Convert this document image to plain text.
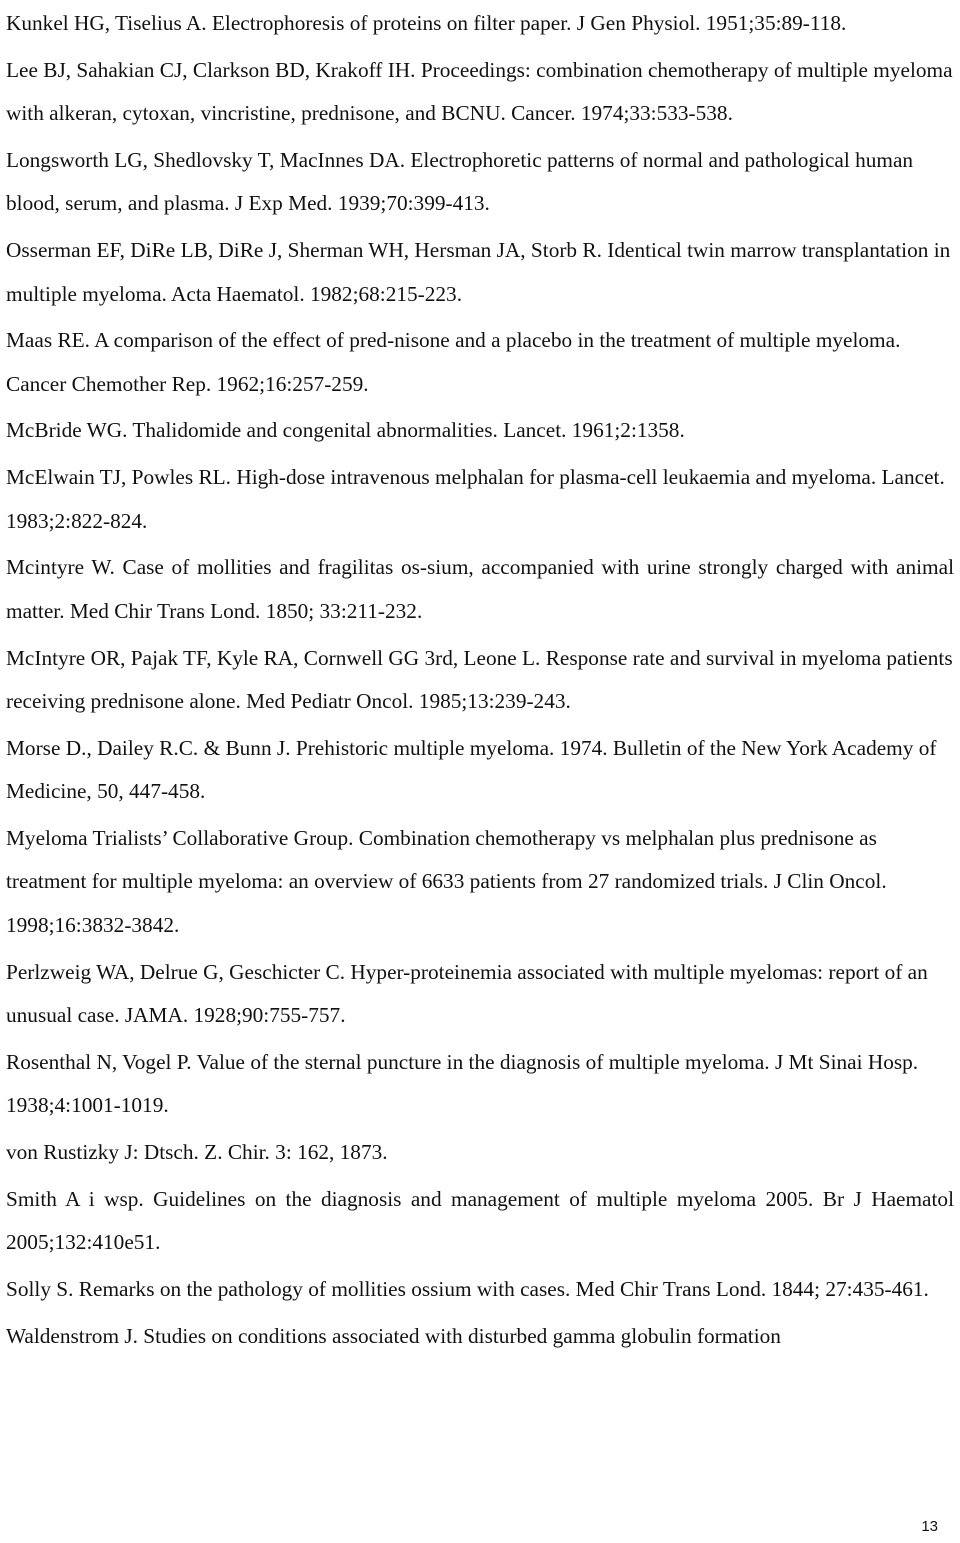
Kunkel HG, Tiselius A. Electrophoresis of proteins on filter paper. J Gen Physiol. 1951;35:89-118.

Lee BJ, Sahakian CJ, Clarkson BD, Krakoff IH. Proceedings: combination chemotherapy of multiple myeloma with alkeran, cytoxan, vincristine, prednisone, and BCNU. Cancer. 1974;33:533-538.

Longsworth LG, Shedlovsky T, MacInnes DA. Electrophoretic patterns of normal and pathological human blood, serum, and plasma. J Exp Med. 1939;70:399-413.

Osserman EF, DiRe LB, DiRe J, Sherman WH, Hersman JA, Storb R. Identical twin marrow transplantation in multiple myeloma. Acta Haematol. 1982;68:215-223.

Maas RE. A comparison of the effect of pred-nisone and a placebo in the treatment of multiple myeloma. Cancer Chemother Rep. 1962;16:257-259.

McBride WG. Thalidomide and congenital abnormalities. Lancet. 1961;2:1358.

McElwain TJ, Powles RL. High-dose intravenous melphalan for plasma-cell leukaemia and myeloma. Lancet. 1983;2:822-824.

Mcintyre W. Case of mollities and fragilitas os-sium, accompanied with urine strongly charged with animal matter. Med Chir Trans Lond. 1850; 33:211-232.

McIntyre OR, Pajak TF, Kyle RA, Cornwell GG 3rd, Leone L. Response rate and survival in myeloma patients receiving prednisone alone. Med Pediatr Oncol. 1985;13:239-243.

Morse D., Dailey R.C. & Bunn J. Prehistoric multiple myeloma. 1974. Bulletin of the New York Academy of Medicine, 50, 447-458.

Myeloma Trialists’ Collaborative Group. Combination chemotherapy vs melphalan plus prednisone as treatment for multiple myeloma: an overview of 6633 patients from 27 randomized trials. J Clin Oncol. 1998;16:3832-3842.

Perlzweig WA, Delrue G, Geschicter C. Hyper-proteinemia associated with multiple myelomas: report of an unusual case. JAMA. 1928;90:755-757.

Rosenthal N, Vogel P. Value of the sternal puncture in the diagnosis of multiple myeloma. J Mt Sinai Hosp. 1938;4:1001-1019.

von Rustizky J: Dtsch. Z. Chir. 3: 162, 1873.

Smith A i wsp. Guidelines on the diagnosis and management of multiple myeloma 2005. Br J Haematol 2005;132:410e51.

Solly S. Remarks on the pathology of mollities ossium with cases. Med Chir Trans Lond. 1844; 27:435-461.

Waldenstrom J. Studies on conditions associated with disturbed gamma globulin formation

13
